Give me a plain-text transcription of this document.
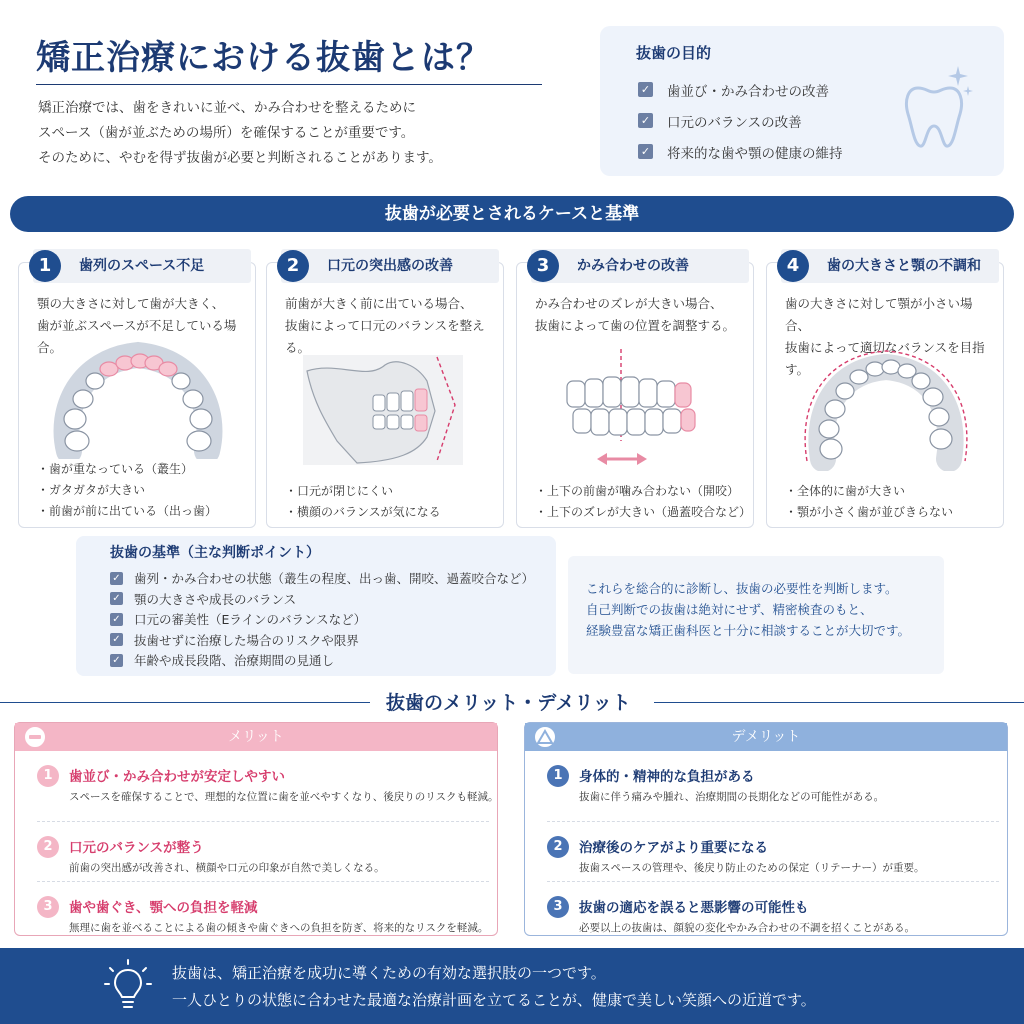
矯正治療における抜歯とは？
矯正治療では、歯をきれいに並べ、かみ合わせを整えるために
スペース（歯が並ぶための場所）を確保することが重要です。
そのために、やむを得ず抜歯が必要と判断されることがあります。
抜歯の目的
✓ 歯並び・かみ合わせの改善
✓ 口元のバランスの改善
✓ 将来的な歯や顎の健康の維持
抜歯が必要とされるケースと基準
1	歯列のスペース不足
顎の大きさに対して歯が大きく、
歯が並ぶスペースが不足している場合。
・ 歯が重なっている（叢生）
・ ガタガタが大きい
・ 前歯が前に出ている（出っ歯）
2	口元の突出感の改善
前歯が大きく前に出ている場合、
抜歯によって口元のバランスを整える。
・ 口元が閉じにくい
・ 横顔のバランスが気になる
3	かみ合わせの改善
かみ合わせのズレが大きい場合、
抜歯によって歯の位置を調整する。
・ 上下の前歯が噛み合わない（開咬）
・ 上下のズレが大きい（過蓋咬合など）
4	歯の大きさと顎の不調和
歯の大きさに対して顎が小さい場合、
抜歯によって適切なバランスを目指す。
・ 全体的に歯が大きい
・ 顎が小さく歯が並びきらない
抜歯の基準（主な判断ポイント）
✓ 歯列・かみ合わせの状態（叢生の程度、出っ歯、開咬、過蓋咬合など）
✓ 顎の大きさや成長のバランス
✓ 口元の審美性（Eラインのバランスなど）
✓ 抜歯せずに治療した場合のリスクや限界
✓ 年齢や成長段階、治療期間の見通し
これらを総合的に診断し、抜歯の必要性を判断します。
自己判断での抜歯は絶対にせず、精密検査のもと、
経験豊富な矯正歯科医と十分に相談することが大切です。
抜歯のメリット・デメリット
メリット
1	歯並び・かみ合わせが安定しやすい
スペースを確保することで、理想的な位置に歯を並べやすくなり、後戻りのリスクも軽減。
2	口元のバランスが整う
前歯の突出感が改善され、横顔や口元の印象が自然で美しくなる。
3	歯や歯ぐき、顎への負担を軽減
無理に歯を並べることによる歯の傾きや歯ぐきへの負担を防ぎ、将来的なリスクを軽減。
デメリット
1	身体的・精神的な負担がある
抜歯に伴う痛みや腫れ、治療期間の長期化などの可能性がある。
2	治療後のケアがより重要になる
抜歯スペースの管理や、後戻り防止のための保定（リテーナー）が重要。
3	抜歯の適応を誤ると悪影響の可能性も
必要以上の抜歯は、顔貌の変化やかみ合わせの不調を招くことがある。
抜歯は、矯正治療を成功に導くための有効な選択肢の一つです。
一人ひとりの状態に合わせた最適な治療計画を立てることが、健康で美しい笑顔への近道です。
